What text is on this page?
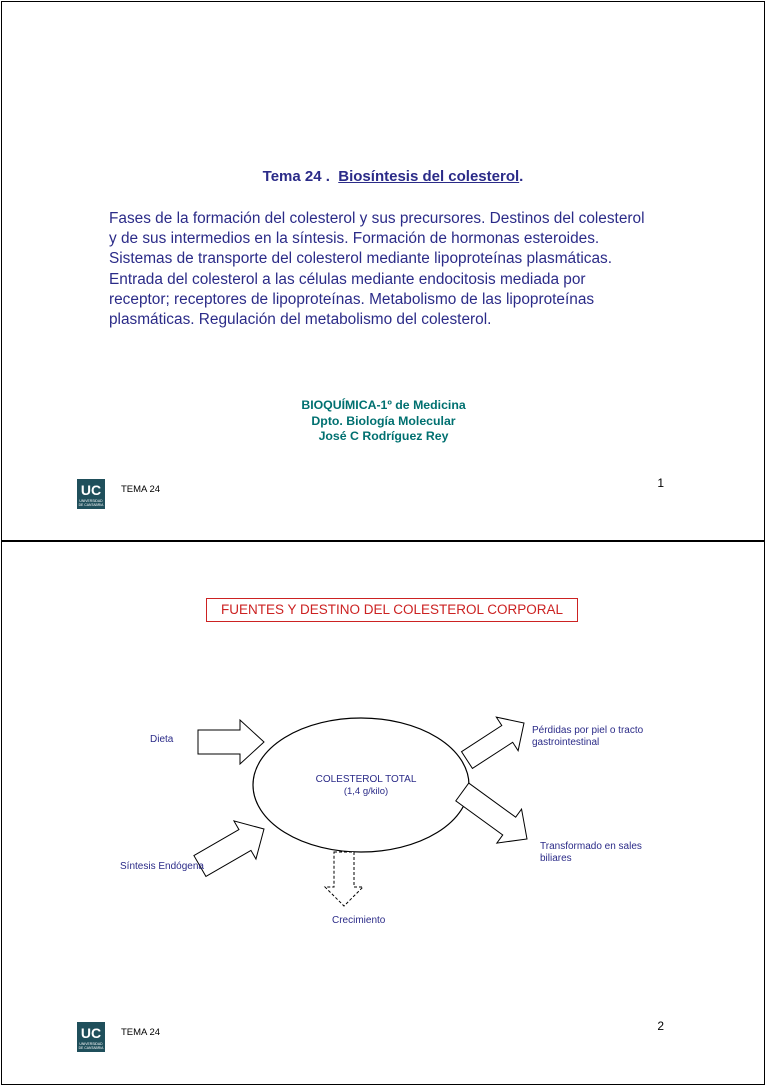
Tema 24 . Biosíntesis del colesterol.
Fases de la formación del colesterol y sus precursores. Destinos del colesterol
y de sus intermedios en la síntesis. Formación de hormonas esteroides.
Sistemas de transporte del colesterol mediante lipoproteínas plasmáticas.
Entrada del colesterol a las células mediante endocitosis mediada por
receptor; receptores de lipoproteínas. Metabolismo de las lipoproteínas
plasmáticas. Regulación del metabolismo del colesterol.
BIOQUÍMICA-1º de Medicina
Dpto. Biología Molecular
José C Rodríguez Rey
1
UC
UNIVERSIDAD
DE CANTABRIA
TEMA 24
FUENTES Y DESTINO DEL COLESTEROL CORPORAL
COLESTEROL TOTAL
(1,4 g/kilo)
Dieta
Síntesis Endógena
Pérdidas por piel o tracto
gastrointestinal
Transformado en sales
biliares
Crecimiento
2
UC
UNIVERSIDAD
DE CANTABRIA
TEMA 24
